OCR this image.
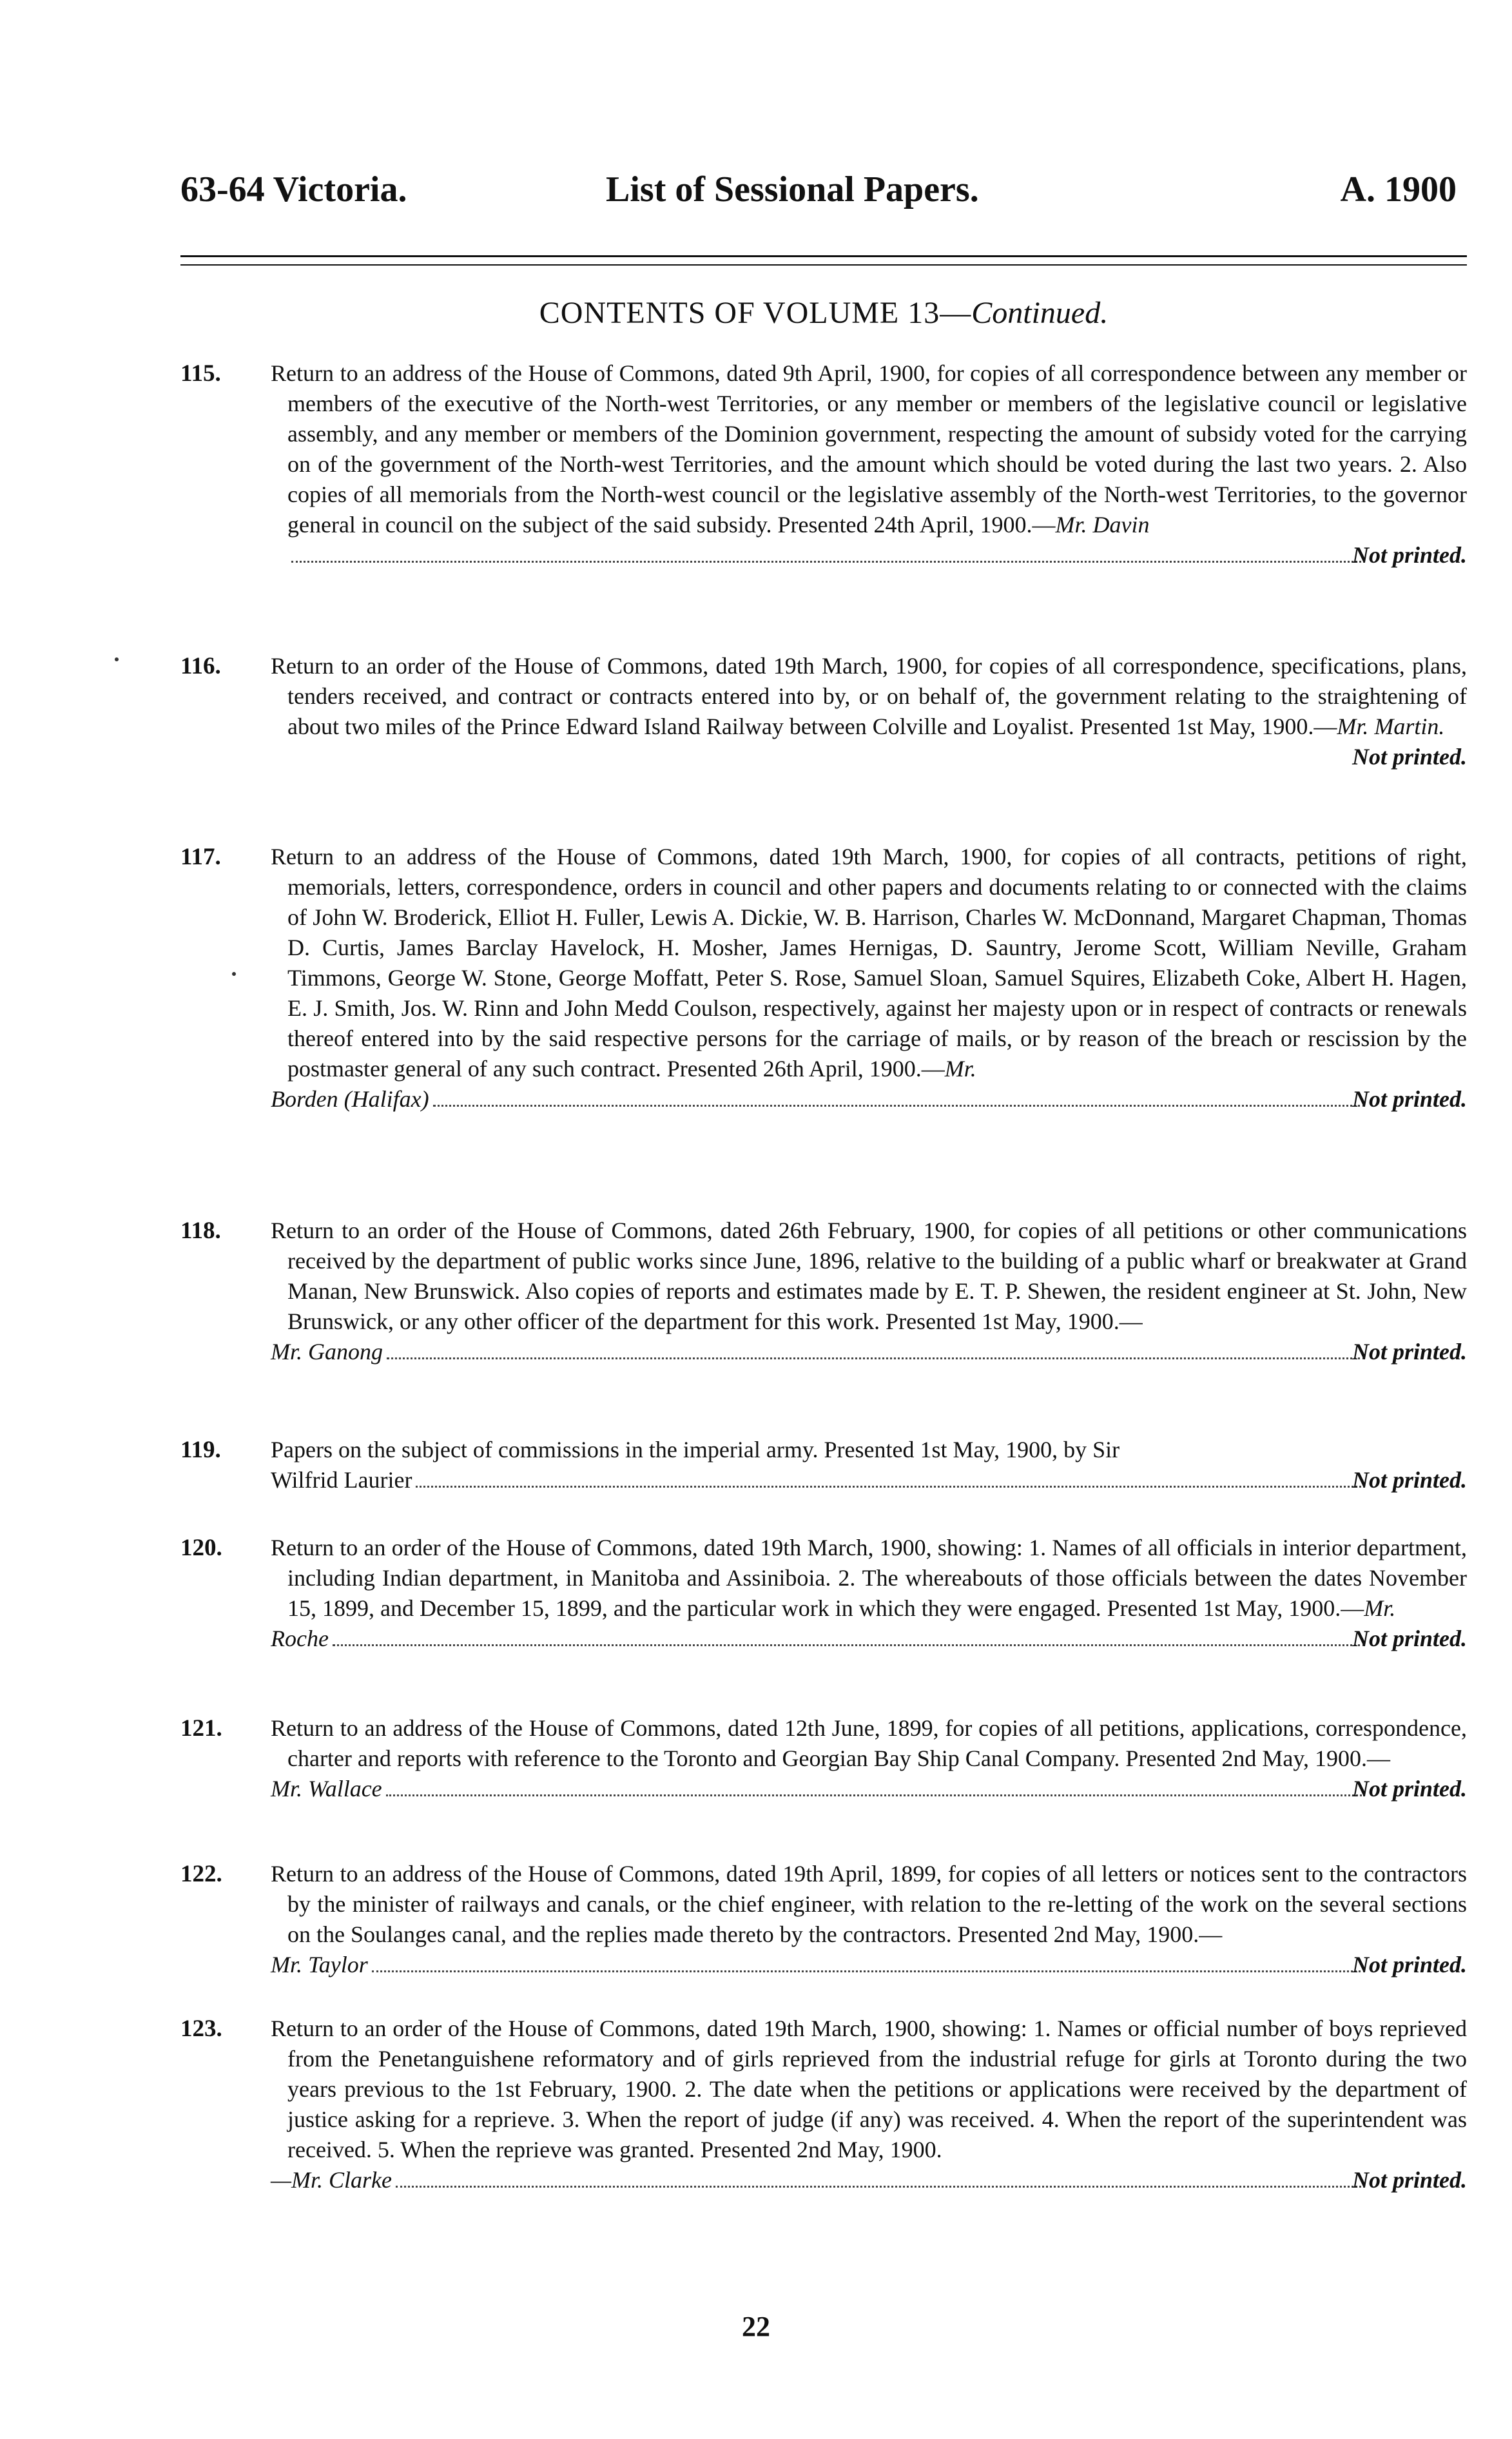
63-64 Victoria.	List of Sessional Papers.	A. 1900
CONTENTS OF VOLUME 13—Continued.
115.	Return to an address of the House of Commons, dated 9th April, 1900, for copies of all correspondence between any member or members of the executive of the North-west Territories, or any member or members of the legislative council or legislative assembly, and any member or members of the Dominion government, respecting the amount of subsidy voted for the carrying on of the government of the North-west Territories, and the amount which should be voted during the last two years. 2. Also copies of all memorials from the North-west council or the legislative assembly of the North-west Territories, to the governor general in council on the subject of the said subsidy. Presented 24th April, 1900.—Mr. Davin
Not printed.
116.	Return to an order of the House of Commons, dated 19th March, 1900, for copies of all correspondence, specifications, plans, tenders received, and contract or contracts entered into by, or on behalf of, the government relating to the straightening of about two miles of the Prince Edward Island Railway between Colville and Loyalist. Presented 1st May, 1900.—Mr. Martin.
Not printed.
117.	Return to an address of the House of Commons, dated 19th March, 1900, for copies of all contracts, petitions of right, memorials, letters, correspondence, orders in council and other papers and documents relating to or connected with the claims of John W. Broderick, Elliot H. Fuller, Lewis A. Dickie, W. B. Harrison, Charles W. McDonnand, Margaret Chapman, Thomas D. Curtis, James Barclay Havelock, H. Mosher, James Hernigas, D. Sauntry, Jerome Scott, William Neville, Graham Timmons, George W. Stone, George Moffatt, Peter S. Rose, Samuel Sloan, Samuel Squires, Elizabeth Coke, Albert H. Hagen, E. J. Smith, Jos. W. Rinn and John Medd Coulson, respectively, against her majesty upon or in respect of contracts or renewals thereof entered into by the said respective persons for the carriage of mails, or by reason of the breach or rescission by the postmaster general of any such contract. Presented 26th April, 1900.—Mr.
Borden (Halifax)	Not printed.
118.	Return to an order of the House of Commons, dated 26th February, 1900, for copies of all petitions or other communications received by the department of public works since June, 1896, relative to the building of a public wharf or breakwater at Grand Manan, New Brunswick. Also copies of reports and estimates made by E. T. P. Shewen, the resident engineer at St. John, New Brunswick, or any other officer of the department for this work. Presented 1st May, 1900.—
Mr. Ganong	Not printed.
119.	Papers on the subject of commissions in the imperial army. Presented 1st May, 1900, by Sir
Wilfrid Laurier	Not printed.
120.	Return to an order of the House of Commons, dated 19th March, 1900, showing: 1. Names of all officials in interior department, including Indian department, in Manitoba and Assiniboia. 2. The whereabouts of those officials between the dates November 15, 1899, and December 15, 1899, and the particular work in which they were engaged. Presented 1st May, 1900.—Mr.
Roche	Not printed.
121.	Return to an address of the House of Commons, dated 12th June, 1899, for copies of all petitions, applications, correspondence, charter and reports with reference to the Toronto and Georgian Bay Ship Canal Company. Presented 2nd May, 1900.—
Mr. Wallace	Not printed.
122.	Return to an address of the House of Commons, dated 19th April, 1899, for copies of all letters or notices sent to the contractors by the minister of railways and canals, or the chief engineer, with relation to the re-letting of the work on the several sections on the Soulanges canal, and the replies made thereto by the contractors. Presented 2nd May, 1900.—
Mr. Taylor	Not printed.
123.	Return to an order of the House of Commons, dated 19th March, 1900, showing: 1. Names or official number of boys reprieved from the Penetanguishene reformatory and of girls reprieved from the industrial refuge for girls at Toronto during the two years previous to the 1st February, 1900. 2. The date when the petitions or applications were received by the department of justice asking for a reprieve. 3. When the report of judge (if any) was received. 4. When the report of the superintendent was received. 5. When the reprieve was granted. Presented 2nd May, 1900.
—Mr. Clarke	Not printed.
22
